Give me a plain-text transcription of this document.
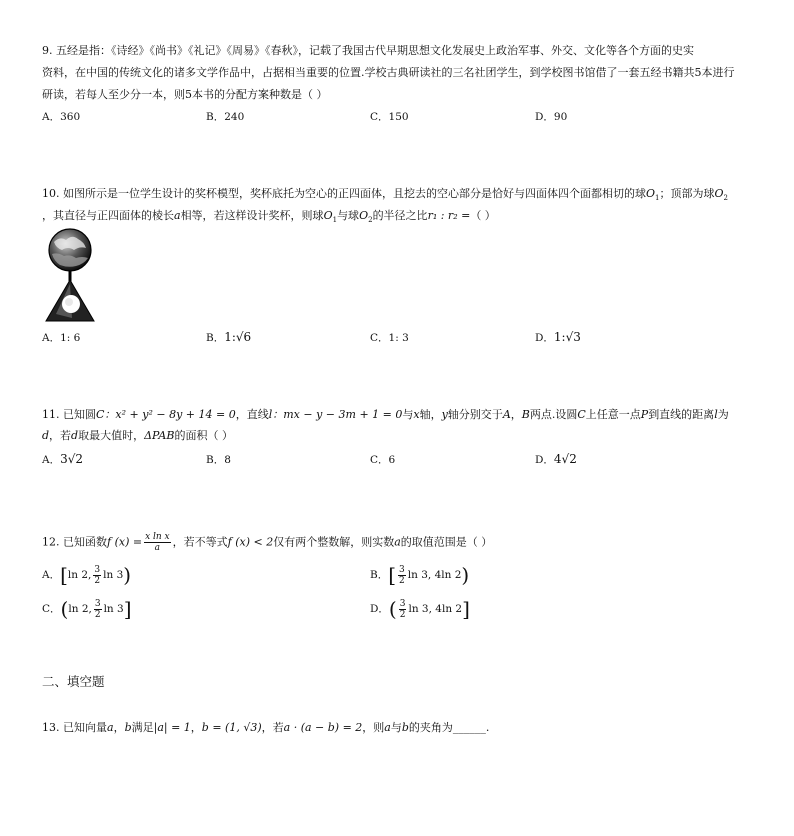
9. 五经是指：《诗经》《尚书》《礼记》《周易》《春秋》，记载了我国古代早期思想文化发展史上政治军事、外交、文化等各个方面的史实
资料，在中国的传统文化的诸多文学作品中，占据相当重要的位置.学校古典研读社的三名社团学生，到学校图书馆借了一套五经书籍共5本进行
研读，若每人至少分一本，则5本书的分配方案种数是（ ）
A．360	B．240	C．150	D．90
10. 如图所示是一位学生设计的奖杯模型，奖杯底托为空心的正四面体，且挖去的空心部分是恰好与四面体四个面都相切的球$O_1$；顶部为球$O_2$
，其直径与正四面体的棱长a相等，若这样设计奖杯，则球$O_1$与球$O_2$的半径之比r₁ : r₂ =（ ）
A．1: 6	B．1:√6	C．1: 3	D．1:√3
11. 已知圆C：x² + y² − 8y + 14 = 0，直线l：mx − y − 3m + 1 = 0与x轴，y轴分别交于A，B两点.设圆C上任意一点P到直线的距离l为
d，若d取最大值时，ΔPAB的面积（ ）
A．3√2	B．8	C．6	D．4√2
12. 已知函数f $(x) = \frac{\text{x ln x}}{a}$ ，若不等式f (x) < 2仅有两个整数解，则实数a的取值范围是（ ）
A．[ln 2, $\frac{3}{2}$ ln 3)	B．[ $\frac{3}{2}$ ln 3, 4ln 2)
C．(ln 2, $\frac{3}{2}$ ln 3]	D．( $\frac{3}{2}$ ln 3, 4ln 2]
二、填空题
13. 已知向量a，b满足|a| = 1，b = (1, √3)，若a · (a − b) = 2，则a与b的夹角为______.
